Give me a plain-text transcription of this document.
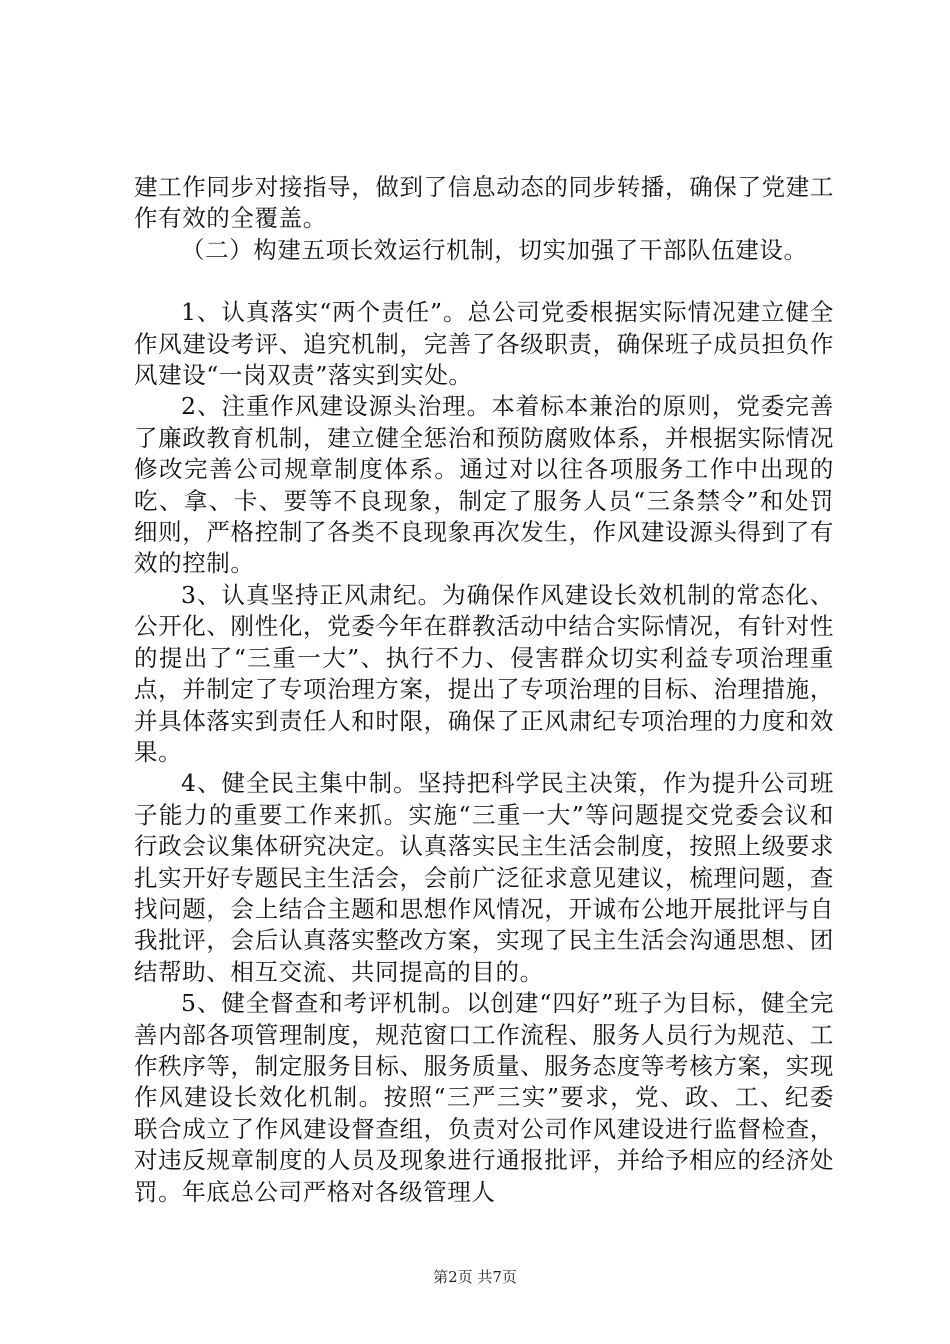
建工作同步对接指导，做到了信息动态的同步转播，确保了党建工作有效的全覆盖。

（二）构建五项长效运行机制，切实加强了干部队伍建设。

1、认真落实“两个责任”。总公司党委根据实际情况建立健全作风建设考评、追究机制，完善了各级职责，确保班子成员担负作风建设“一岗双责”落实到实处。

2、注重作风建设源头治理。本着标本兼治的原则，党委完善了廉政教育机制，建立健全惩治和预防腐败体系，并根据实际情况修改完善公司规章制度体系。通过对以往各项服务工作中出现的吃、拿、卡、要等不良现象，制定了服务人员“三条禁令”和处罚细则，严格控制了各类不良现象再次发生，作风建设源头得到了有效的控制。

3、认真坚持正风肃纪。为确保作风建设长效机制的常态化、公开化、刚性化，党委今年在群教活动中结合实际情况，有针对性的提出了“三重一大”、执行不力、侵害群众切实利益专项治理重点，并制定了专项治理方案，提出了专项治理的目标、治理措施，并具体落实到责任人和时限，确保了正风肃纪专项治理的力度和效果。

4、健全民主集中制。坚持把科学民主决策，作为提升公司班子能力的重要工作来抓。实施“三重一大”等问题提交党委会议和行政会议集体研究决定。认真落实民主生活会制度，按照上级要求扎实开好专题民主生活会，会前广泛征求意见建议，梳理问题，查找问题，会上结合主题和思想作风情况，开诚布公地开展批评与自我批评，会后认真落实整改方案，实现了民主生活会沟通思想、团结帮助、相互交流、共同提高的目的。

5、健全督查和考评机制。以创建“四好”班子为目标，健全完善内部各项管理制度，规范窗口工作流程、服务人员行为规范、工作秩序等，制定服务目标、服务质量、服务态度等考核方案，实现作风建设长效化机制。按照“三严三实”要求，党、政、工、纪委联合成立了作风建设督查组，负责对公司作风建设进行监督检查，对违反规章制度的人员及现象进行通报批评，并给予相应的经济处罚。年底总公司严格对各级管理人

第2页 共7页
